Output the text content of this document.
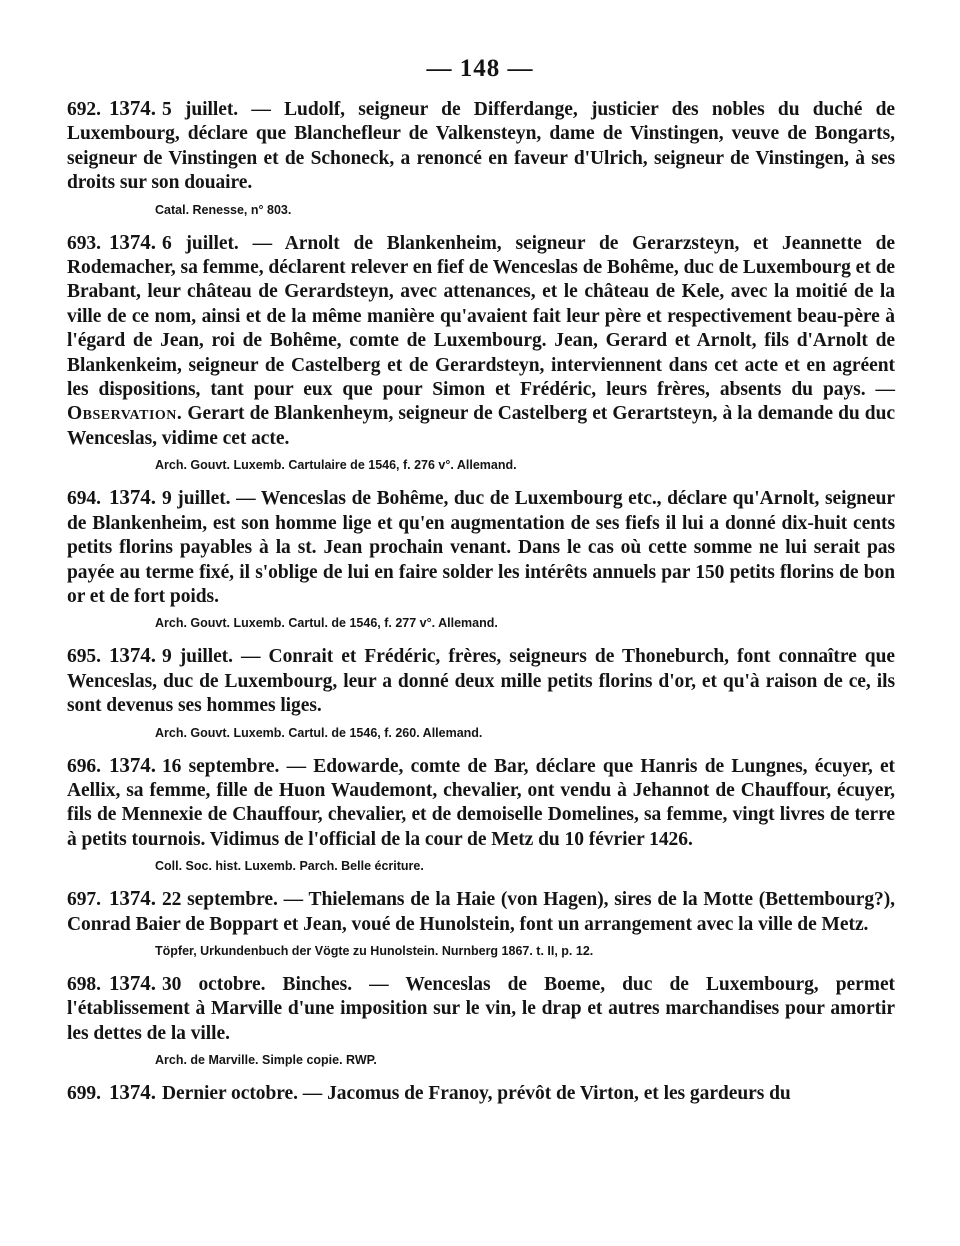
— 148 —
692. 1374. 5 juillet. — Ludolf, seigneur de Differdange, justicier des nobles du duché de Luxembourg, déclare que Blanchefleur de Valkensteyn, dame de Vinstingen, veuve de Bongarts, seigneur de Vinstingen et de Schoneck, a renoncé en faveur d'Ulrich, seigneur de Vinstingen, à ses droits sur son douaire.
Catal. Renesse, n° 803.
693. 1374. 6 juillet. — Arnolt de Blankenheim, seigneur de Gerarzsteyn, et Jeannette de Rodemacher, sa femme, déclarent relever en fief de Wenceslas de Bohême, duc de Luxembourg et de Brabant, leur château de Gerardsteyn, avec attenances, et le château de Kele, avec la moitié de la ville de ce nom, ainsi et de la même manière qu'avaient fait leur père et respectivement beau-père à l'égard de Jean, roi de Bohême, comte de Luxembourg. Jean, Gerard et Arnolt, fils d'Arnolt de Blankenkeim, seigneur de Castelberg et de Gerardsteyn, interviennent dans cet acte et en agréent les dispositions, tant pour eux que pour Simon et Frédéric, leurs frères, absents du pays. — Observation. Gerart de Blankenheym, seigneur de Castelberg et Gerartsteyn, à la demande du duc Wenceslas, vidime cet acte.
Arch. Gouvt. Luxemb. Cartulaire de 1546, f. 276 v°. Allemand.
694. 1374. 9 juillet. — Wenceslas de Bohême, duc de Luxembourg etc., déclare qu'Arnolt, seigneur de Blankenheim, est son homme lige et qu'en augmentation de ses fiefs il lui a donné dix-huit cents petits florins payables à la st. Jean prochain venant. Dans le cas où cette somme ne lui serait pas payée au terme fixé, il s'oblige de lui en faire solder les intérêts annuels par 150 petits florins de bon or et de fort poids.
Arch. Gouvt. Luxemb. Cartul. de 1546, f. 277 v°. Allemand.
695. 1374. 9 juillet. — Conrait et Frédéric, frères, seigneurs de Thoneburch, font connaître que Wenceslas, duc de Luxembourg, leur a donné deux mille petits florins d'or, et qu'à raison de ce, ils sont devenus ses hommes liges.
Arch. Gouvt. Luxemb. Cartul. de 1546, f. 260. Allemand.
696. 1374. 16 septembre. — Edowarde, comte de Bar, déclare que Hanris de Lungnes, écuyer, et Aellix, sa femme, fille de Huon Waudemont, chevalier, ont vendu à Jehannot de Chauffour, écuyer, fils de Mennexie de Chauffour, chevalier, et de demoiselle Domelines, sa femme, vingt livres de terre à petits tournois. Vidimus de l'official de la cour de Metz du 10 février 1426.
Coll. Soc. hist. Luxemb. Parch. Belle écriture.
697. 1374. 22 septembre. — Thielemans de la Haie (von Hagen), sires de la Motte (Bettembourg?), Conrad Baier de Boppart et Jean, voué de Hunolstein, font un arrangement avec la ville de Metz.
Töpfer, Urkundenbuch der Vögte zu Hunolstein. Nurnberg 1867. t. II, p. 12.
698. 1374. 30 octobre. Binches. — Wenceslas de Boeme, duc de Luxembourg, permet l'établissement à Marville d'une imposition sur le vin, le drap et autres marchandises pour amortir les dettes de la ville.
Arch. de Marville. Simple copie. RWP.
699. 1374. Dernier octobre. — Jacomus de Franoy, prévôt de Virton, et les gardeurs du
